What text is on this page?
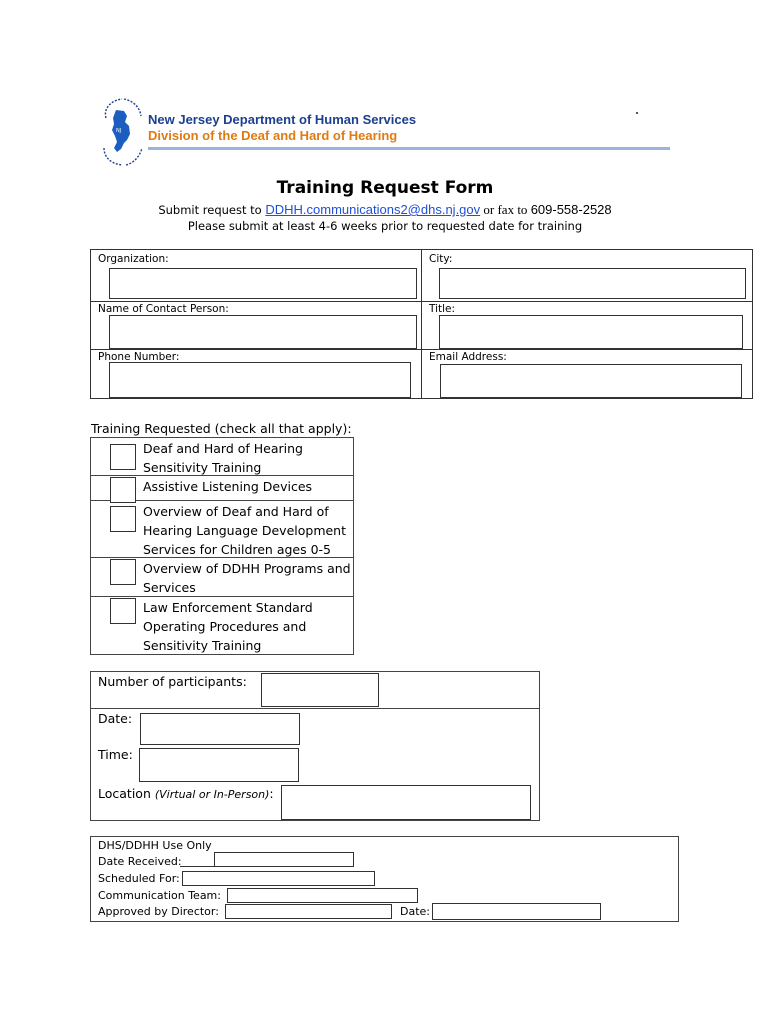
NJ
New Jersey Department of Human Services
Division of the Deaf and Hard of Hearing
Training Request Form
Submit request to DDHH.communications2@dhs.nj.gov or fax to 609-558-2528
Please submit at least 4-6 weeks prior to requested date for training
Organization:	City:
Name of Contact Person:	Title:
Phone Number:	Email Address:
Training Requested (check all that apply):
Deaf and Hard of Hearing Sensitivity Training
Assistive Listening Devices
Overview of Deaf and Hard of Hearing Language Development Services for Children ages 0-5
Overview of DDHH Programs and Services
Law Enforcement Standard Operating Procedures and Sensitivity Training
Number of participants:
Date:
Time:
Location (Virtual or In-Person):
DHS/DDHH Use Only
Date Received:
Scheduled For:
Communication Team:
Approved by Director:	Date:
